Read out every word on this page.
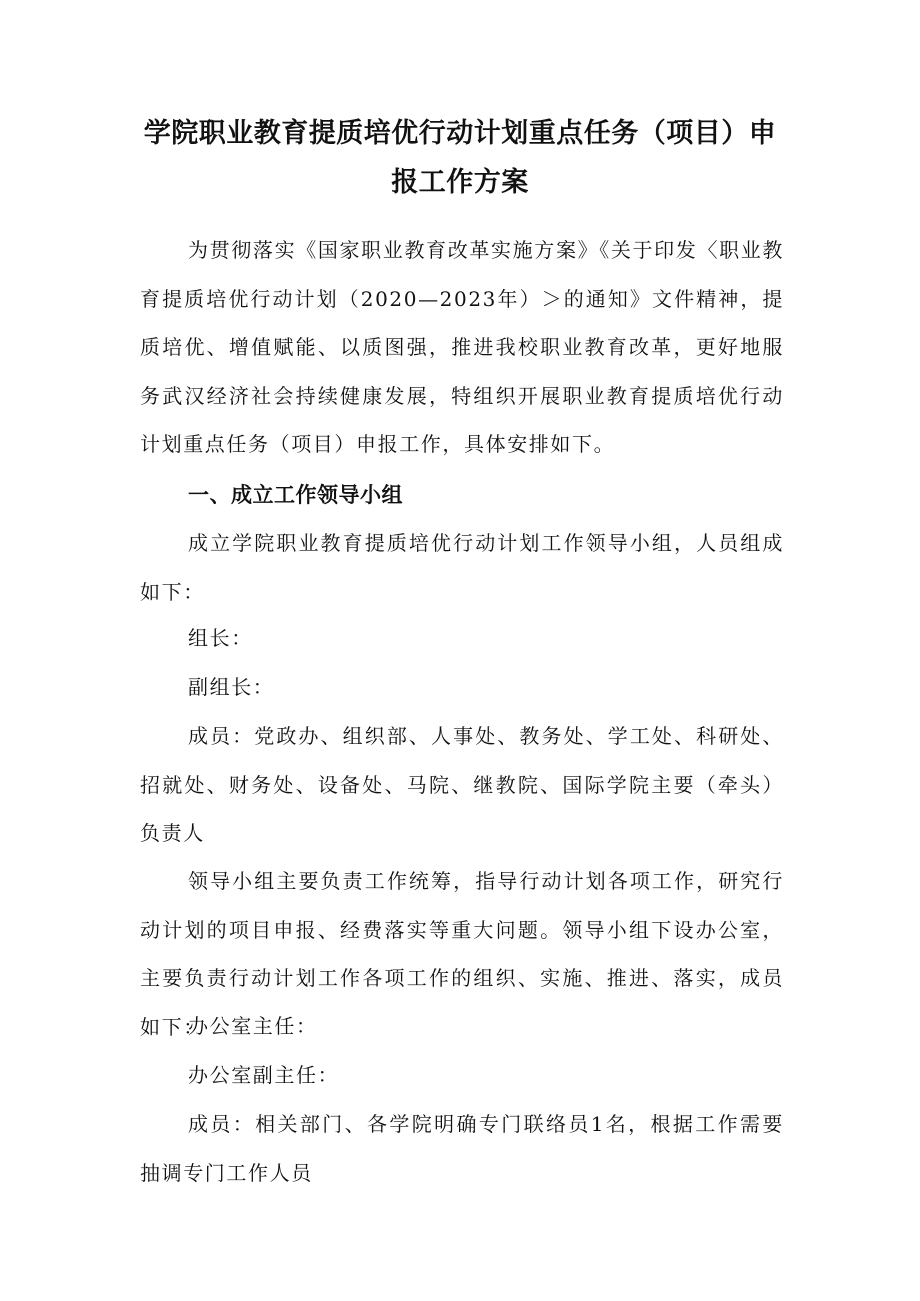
学院职业教育提质培优行动计划重点任务（项目）申
报工作方案
为贯彻落实《国家职业教育改革实施方案》《关于印发〈职业教育提质培优行动计划（2020—2023年）＞的通知》文件精神，提质培优、增值赋能、以质图强，推进我校职业教育改革，更好地服务武汉经济社会持续健康发展，特组织开展职业教育提质培优行动计划重点任务（项目）申报工作，具体安排如下。
一、成立工作领导小组
成立学院职业教育提质培优行动计划工作领导小组，人员组成如下：
组长：
副组长：
成员：党政办、组织部、人事处、教务处、学工处、科研处、招就处、财务处、设备处、马院、继教院、国际学院主要（牵头）负责人
领导小组主要负责工作统筹，指导行动计划各项工作，研究行动计划的项目申报、经费落实等重大问题。领导小组下设办公室，主要负责行动计划工作各项工作的组织、实施、推进、落实，成员如下：
办公室主任：
办公室副主任：
成员：相关部门、各学院明确专门联络员1名，根据工作需要抽调专门工作人员
